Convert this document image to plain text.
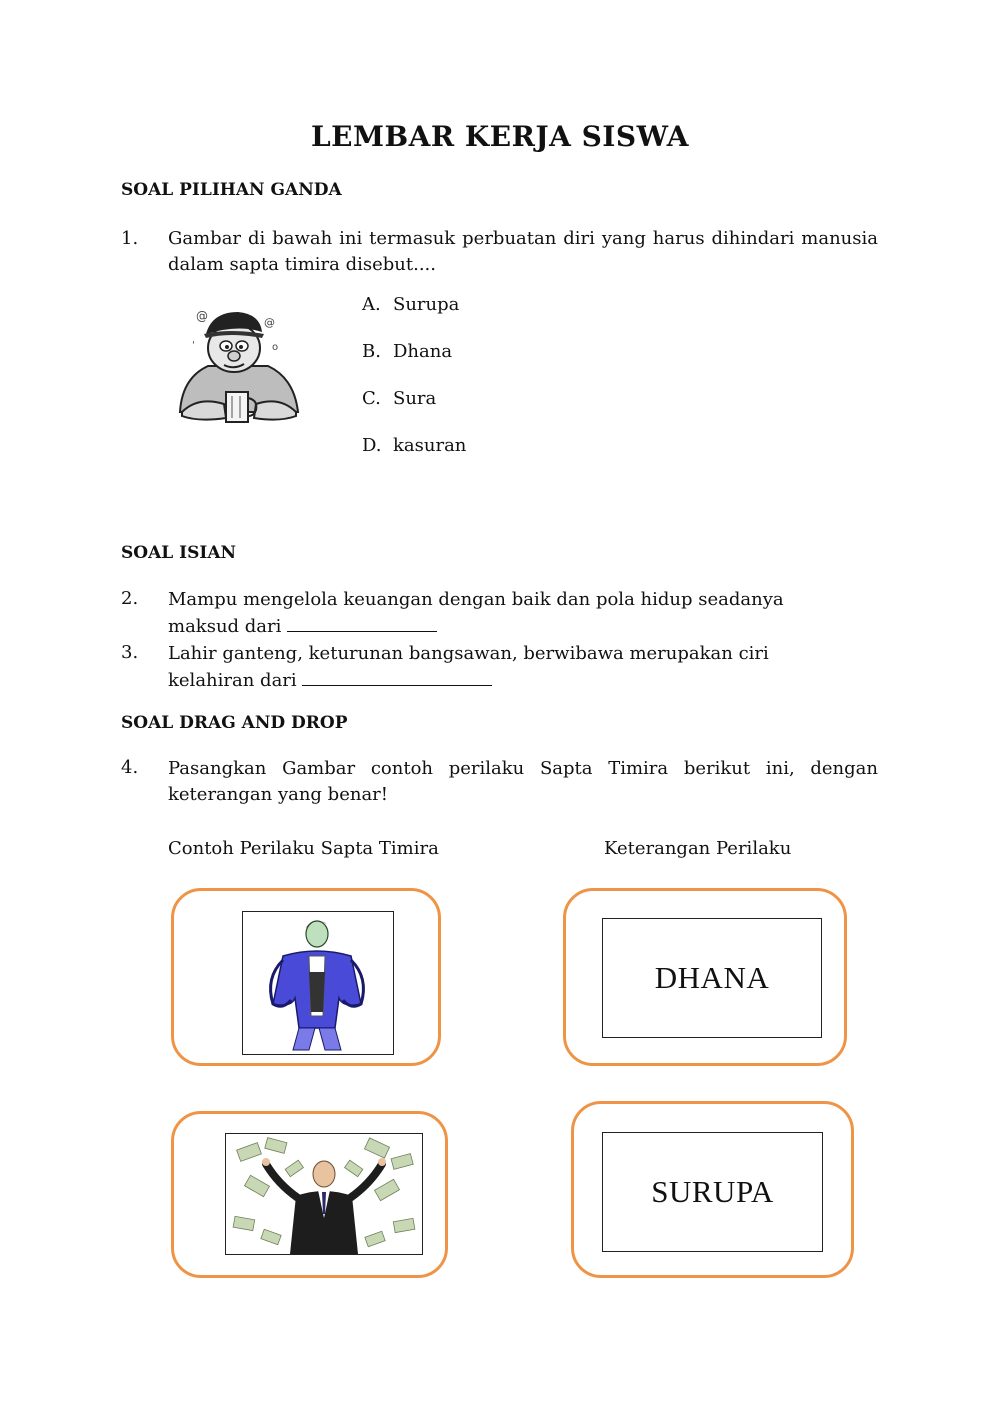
LEMBAR KERJA SISWA
SOAL PILIHAN GANDA
1. Gambar di bawah ini termasuk perbuatan diri yang harus dihindari manusia dalam sapta timira disebut....
@
'
@
o
A. Surupa
B. Dhana
C. Sura
D. kasuran
SOAL ISIAN
2. Mampu mengelola keuangan dengan baik dan pola hidup seadanya
maksud dari
3. Lahir ganteng, keturunan bangsawan, berwibawa merupakan ciri
kelahiran dari
SOAL DRAG AND DROP
4. Pasangkan Gambar contoh perilaku Sapta Timira berikut ini, dengan keterangan yang benar!
Contoh Perilaku Sapta Timira	Keterangan Perilaku
DHANA
SURUPA
